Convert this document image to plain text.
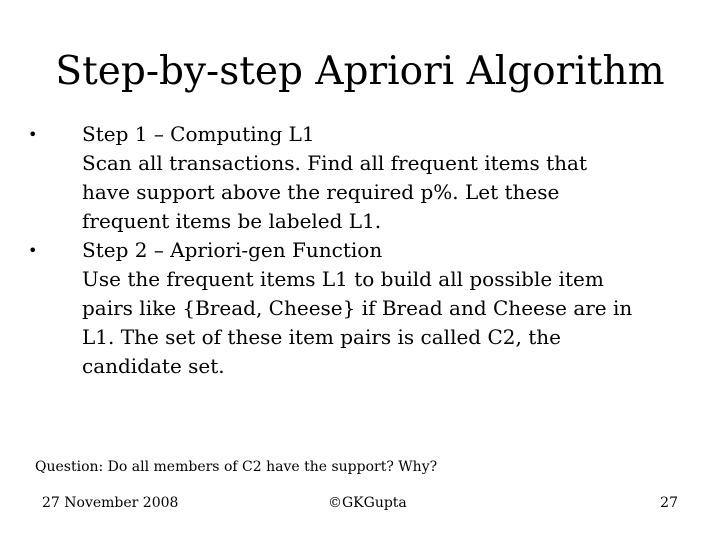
Step-by-step Apriori Algorithm
• Step 1 – Computing L1
Scan all transactions. Find all frequent items that
have support above the required p%. Let these
frequent items be labeled L1.
• Step 2 – Apriori-gen Function
Use the frequent items L1 to build all possible item
pairs like {Bread, Cheese} if Bread and Cheese are in
L1. The set of these item pairs is called C2, the
candidate set.
Question: Do all members of C2 have the support? Why?
27 November 2008	©GKGupta	27
